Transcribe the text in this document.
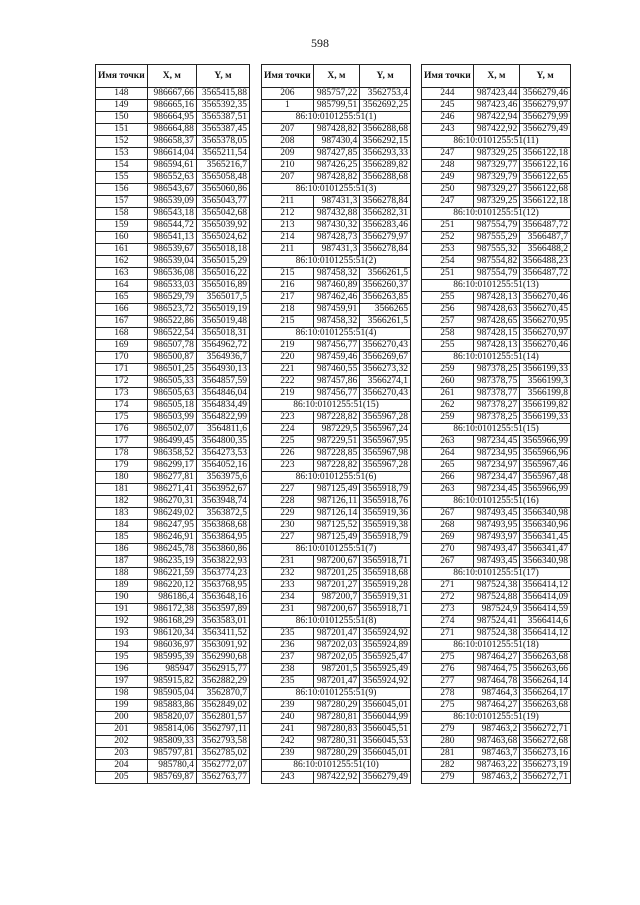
598
Имя точки	X, м	Y, м
148	986667,66	3565415,88
149	986665,16	3565392,35
150	986664,95	3565387,51
151	986664,88	3565387,45
152	986658,37	3565378,05
153	986614,04	3565211,54
154	986594,61	3565216,7
155	986552,63	3565058,48
156	986543,67	3565060,86
157	986539,09	3565043,77
158	986543,18	3565042,68
159	986544,72	3565039,92
160	986541,13	3565024,62
161	986539,67	3565018,18
162	986539,04	3565015,29
163	986536,08	3565016,22
164	986533,03	3565016,89
165	986529,79	3565017,5
166	986523,72	3565019,19
167	986522,86	3565019,48
168	986522,54	3565018,31
169	986507,78	3564962,72
170	986500,87	3564936,7
171	986501,25	3564930,13
172	986505,33	3564857,59
173	986505,63	3564846,04
174	986505,18	3564834,49
175	986503,99	3564822,99
176	986502,07	3564811,6
177	986499,45	3564800,35
178	986358,52	3564273,53
179	986299,17	3564052,16
180	986277,81	3563975,6
181	986271,41	3563952,67
182	986270,31	3563948,74
183	986249,02	3563872,5
184	986247,95	3563868,68
185	986246,91	3563864,95
186	986245,78	3563860,86
187	986235,19	3563822,93
188	986221,59	3563774,23
189	986220,12	3563768,95
190	986186,4	3563648,16
191	986172,38	3563597,89
192	986168,29	3563583,01
193	986120,34	3563411,52
194	986036,97	3563091,92
195	985995,39	3562990,68
196	985947	3562915,77
197	985915,82	3562882,29
198	985905,04	3562870,7
199	985883,86	3562849,02
200	985820,07	3562801,57
201	985814,06	3562797,11
202	985809,33	3562793,58
203	985797,81	3562785,02
204	985780,4	3562772,07
205	985769,87	3562763,77
Имя точки	X, м	Y, м
206	985757,22	3562753,4
1	985799,51	3562692,25
86:10:0101255:51(1)		
207	987428,82	3566288,68
208	987430,4	3566292,15
209	987427,85	3566293,33
210	987426,25	3566289,82
207	987428,82	3566288,68
86:10:0101255:51(3)		
211	987431,3	3566278,84
212	987432,88	3566282,31
213	987430,32	3566283,46
214	987428,73	3566279,97
211	987431,3	3566278,84
86:10:0101255:51(2)		
215	987458,32	3566261,5
216	987460,89	3566260,37
217	987462,46	3566263,85
218	987459,91	3566265
215	987458,32	3566261,5
86:10:0101255:51(4)		
219	987456,77	3566270,43
220	987459,46	3566269,67
221	987460,55	3566273,32
222	987457,86	3566274,1
219	987456,77	3566270,43
86:10:0101255:51(15)		
223	987228,82	3565967,28
224	987229,5	3565967,24
225	987229,51	3565967,95
226	987228,85	3565967,98
223	987228,82	3565967,28
86:10:0101255:51(6)		
227	987125,49	3565918,79
228	987126,11	3565918,76
229	987126,14	3565919,36
230	987125,52	3565919,38
227	987125,49	3565918,79
86:10:0101255:51(7)		
231	987200,67	3565918,71
232	987201,25	3565918,68
233	987201,27	3565919,28
234	987200,7	3565919,31
231	987200,67	3565918,71
86:10:0101255:51(8)		
235	987201,47	3565924,92
236	987202,03	3565924,89
237	987202,05	3565925,47
238	987201,5	3565925,49
235	987201,47	3565924,92
86:10:0101255:51(9)		
239	987280,29	3566045,01
240	987280,81	3566044,99
241	987280,83	3566045,51
242	987280,31	3566045,53
239	987280,29	3566045,01
86:10:0101255:51(10)		
243	987422,92	3566279,49
Имя точки	X, м	Y, м
244	987423,44	3566279,46
245	987423,46	3566279,97
246	987422,94	3566279,99
243	987422,92	3566279,49
86:10:0101255:51(11)		
247	987329,25	3566122,18
248	987329,77	3566122,16
249	987329,79	3566122,65
250	987329,27	3566122,68
247	987329,25	3566122,18
86:10:0101255:51(12)		
251	987554,79	3566487,72
252	987555,29	3566487,7
253	987555,32	3566488,2
254	987554,82	3566488,23
251	987554,79	3566487,72
86:10:0101255:51(13)		
255	987428,13	3566270,46
256	987428,63	3566270,45
257	987428,65	3566270,95
258	987428,15	3566270,97
255	987428,13	3566270,46
86:10:0101255:51(14)		
259	987378,25	3566199,33
260	987378,75	3566199,3
261	987378,77	3566199,8
262	987378,27	3566199,82
259	987378,25	3566199,33
86:10:0101255:51(15)		
263	987234,45	3565966,99
264	987234,95	3565966,96
265	987234,97	3565967,46
266	987234,47	3565967,48
263	987234,45	3565966,99
86:10:0101255:51(16)		
267	987493,45	3566340,98
268	987493,95	3566340,96
269	987493,97	3566341,45
270	987493,47	3566341,47
267	987493,45	3566340,98
86:10:0101255:51(17)		
271	987524,38	3566414,12
272	987524,88	3566414,09
273	987524,9	3566414,59
274	987524,41	3566414,6
271	987524,38	3566414,12
86:10:0101255:51(18)		
275	987464,27	3566263,68
276	987464,75	3566263,66
277	987464,78	3566264,14
278	987464,3	3566264,17
275	987464,27	3566263,68
86:10:0101255:51(19)		
279	987463,2	3566272,71
280	987463,68	3566272,68
281	987463,7	3566273,16
282	987463,22	3566273,19
279	987463,2	3566272,71
